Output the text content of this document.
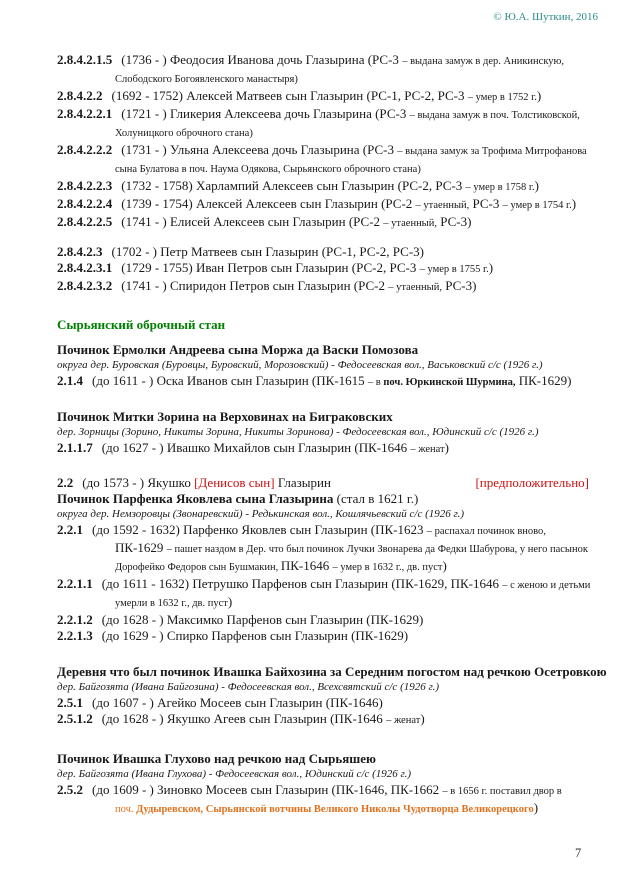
© Ю.А. Шуткин, 2016
2.8.4.2.1.5 (1736 - ) Феодосия Иванова дочь Глазырина (РС-3 – выдана замуж в дер. Аникинскую,
Слободского Богоявленского манастыря)
2.8.4.2.2 (1692 - 1752) Алексей Матвеев сын Глазырин (РС-1, РС-2, РС-3 – умер в 1752 г.)
2.8.4.2.2.1 (1721 - ) Гликерия Алексеева дочь Глазырина (РС-3 – выдана замуж в поч. Толстиковской,
Холуницкого оброчного стана)
2.8.4.2.2.2 (1731 - ) Ульяна Алексеева дочь Глазырина (РС-3 – выдана замуж за Трофима Митрофанова
сына Булатова в поч. Наума Одякова, Сырьянского оброчного стана)
2.8.4.2.2.3 (1732 - 1758) Харлампий Алексеев сын Глазырин (РС-2, РС-3 – умер в 1758 г.)
2.8.4.2.2.4 (1739 - 1754) Алексей Алексеев сын Глазырин (РС-2 – утаенный, РС-3 – умер в 1754 г.)
2.8.4.2.2.5 (1741 - ) Елисей Алексеев сын Глазырин (РС-2 – утаенный, РС-3)
2.8.4.2.3 (1702 - ) Петр Матвеев сын Глазырин (РС-1, РС-2, РС-3)
2.8.4.2.3.1 (1729 - 1755) Иван Петров сын Глазырин (РС-2, РС-3 – умер в 1755 г.)
2.8.4.2.3.2 (1741 - ) Спиридон Петров сын Глазырин (РС-2 – утаенный, РС-3)
Сырьянский оброчный стан
Починок Ермолки Андреева сына Моржа да Васки Помозова
округа дер. Буровская (Буровцы, Буровский, Морозовский) - Федосеевская вол., Васьковский с/с (1926 г.)
2.1.4 (до 1611 - ) Оска Иванов сын Глазырин (ПК-1615 – в поч. Юркинской Шурмина, ПК-1629)
Починок Митки Зорина на Верховинах на Биграковских
дер. Зорницы (Зорино, Никиты Зорина, Никиты Зоринова) - Федосеевская вол., Юдинский с/с (1926 г.)
2.1.1.7 (до 1627 - ) Ивашко Михайлов сын Глазырин (ПК-1646 – женат)
2.2 (до 1573 - ) Якушко [Денисов сын] Глазырин	[предположительно]
Починок Парфенка Яковлева сына Глазырина (стал в 1621 г.)
округа дер. Немзоровцы (Звонаревский) - Редькинская вол., Кошлячьевский с/с (1926 г.)
2.2.1 (до 1592 - 1632) Парфенко Яковлев сын Глазырин (ПК-1623 – распахал починок вново,
ПК-1629 – пашет наздом в Дер. что был починок Лучки Звонарева да Федки Шабурова, у него пасынок
Дорофейко Федоров сын Бушмакин, ПК-1646 – умер в 1632 г., дв. пуст)
2.2.1.1 (до 1611 - 1632) Петрушко Парфенов сын Глазырин (ПК-1629, ПК-1646 – с женою и детьми
умерли в 1632 г., дв. пуст)
2.2.1.2 (до 1628 - ) Максимко Парфенов сын Глазырин (ПК-1629)
2.2.1.3 (до 1629 - ) Спирко Парфенов сын Глазырин (ПК-1629)
Деревня что был починок Ивашка Байхозина за Середним погостом над речкою Осетровкою
дер. Байгозята (Ивана Байгозина) - Федосеевская вол., Всехсвятский с/с (1926 г.)
2.5.1 (до 1607 - ) Агейко Мосеев сын Глазырин (ПК-1646)
2.5.1.2 (до 1628 - ) Якушко Агеев сын Глазырин (ПК-1646 – женат)
Починок Ивашка Глухово над речкою над Сырьяшею
дер. Байгозята (Ивана Глухова) - Федосеевская вол., Юдинский с/с (1926 г.)
2.5.2 (до 1609 - ) Зиновко Мосеев сын Глазырин (ПК-1646, ПК-1662 – в 1656 г. поставил двор в
поч. Дудыревском, Сырьянской вотчины Великого Николы Чудотворца Великорецкого)
7
